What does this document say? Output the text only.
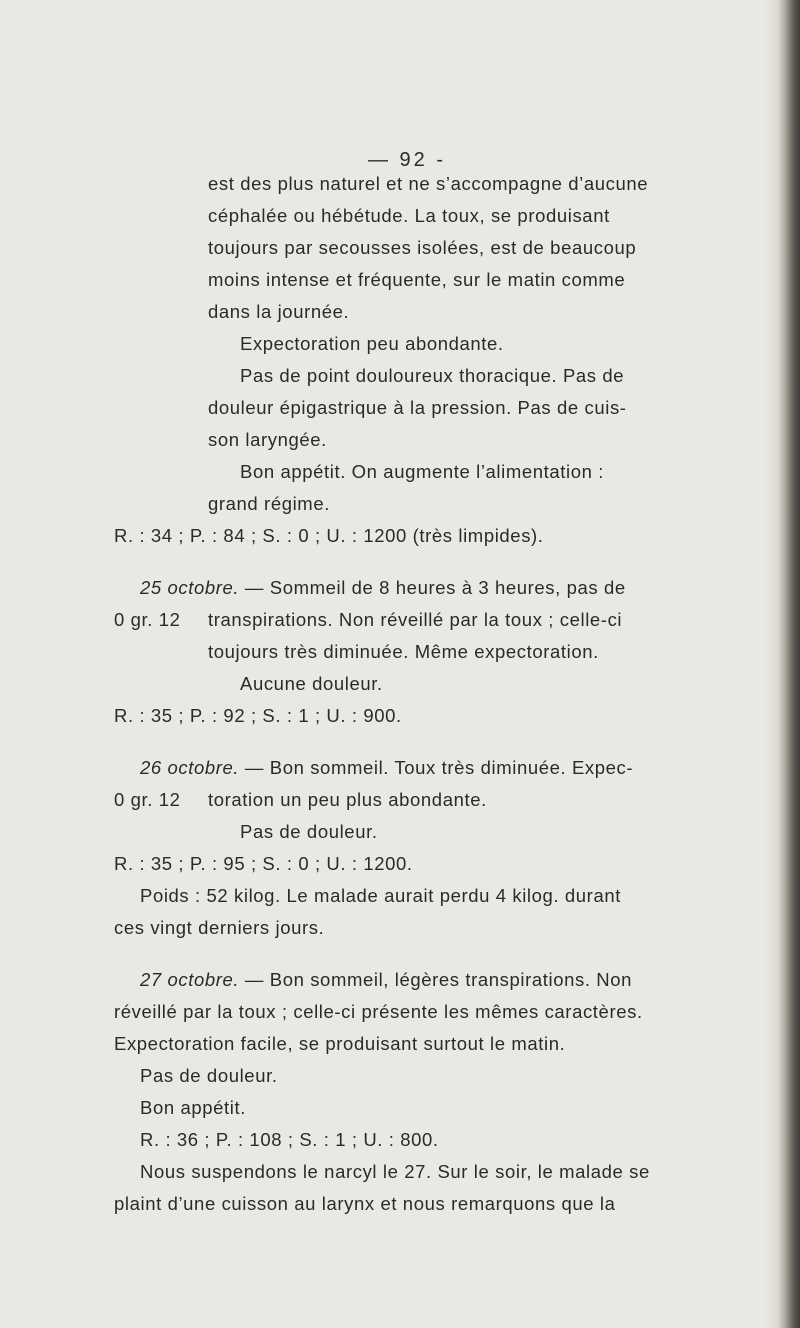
— 92 -
est des plus naturel et ne s’accompagne d’aucune
céphalée ou hébétude. La toux, se produisant
toujours par secousses isolées, est de beaucoup
moins intense et fréquente, sur le matin comme
dans la journée.
Expectoration peu abondante.
Pas de point douloureux thoracique. Pas de
douleur épigastrique à la pression. Pas de cuis-
son laryngée.
Bon appétit. On augmente l’alimentation :
grand régime.
R. : 34 ; P. : 84 ; S. : 0 ; U. : 1200 (très limpides).
25 octobre. — Sommeil de 8 heures à 3 heures, pas de
0 gr. 12 transpirations. Non réveillé par la toux ; celle-ci
toujours très diminuée. Même expectoration.
Aucune douleur.
R. : 35 ; P. : 92 ; S. : 1 ; U. : 900.
26 octobre. — Bon sommeil. Toux très diminuée. Expec-
0 gr. 12 toration un peu plus abondante.
Pas de douleur.
R. : 35 ; P. : 95 ; S. : 0 ; U. : 1200.
Poids : 52 kilog. Le malade aurait perdu 4 kilog. durant
ces vingt derniers jours.
27 octobre. — Bon sommeil, légères transpirations. Non
réveillé par la toux ; celle-ci présente les mêmes caractères.
Expectoration facile, se produisant surtout le matin.
Pas de douleur.
Bon appétit.
R. : 36 ; P. : 108 ; S. : 1 ; U. : 800.
Nous suspendons le narcyl le 27. Sur le soir, le malade se
plaint d’une cuisson au larynx et nous remarquons que la
